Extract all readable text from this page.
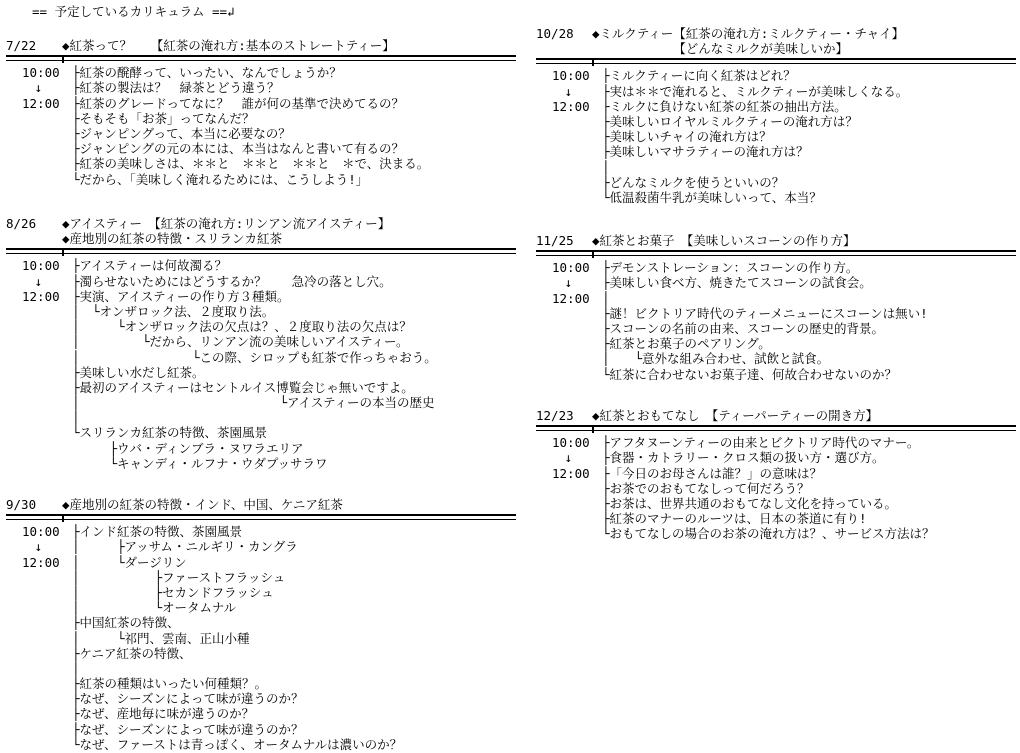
== 予定しているカリキュラム ==↲
7/22 ◆紅茶って？　　【紅茶の淹れ方:基本のストレートティー】
10:00
　↓
12:00
├紅茶の醗酵って、いったい、なんでしょうか？
├紅茶の製法は？　緑茶とどう違う？
├紅茶のグレードってなに？　誰が何の基準で決めてるの？
├そもそも「お茶」ってなんだ？
├ジャンピングって、本当に必要なの？
├ジャンピングの元の本には、本当はなんと書いて有るの？
├紅茶の美味しさは、＊＊と　＊＊と　＊＊と　＊で、決まる。
└だから、「美味しく淹れるためには、こうしよう!」
8/26 ◆アイスティー　【紅茶の淹れ方:リンアン流アイスティー】
◆産地別の紅茶の特徴・スリランカ紅茶
10:00
　↓
12:00
├アイスティーは何故濁る？
├濁らせないためにはどうするか？　　急冷の落とし穴。
├実演、アイスティーの作り方３種類。
│　└オンザロック法、２度取り法。
│　　　└オンザロック法の欠点は？、２度取り法の欠点は？
│　　　　　└だから、リンアン流の美味しいアイスティー。
│　　　　　　　　　└この際、シロップも紅茶で作っちゃおう。
├美味しい水だし紅茶。
├最初のアイスティーはセントルイス博覧会じゃ無いですよ。
│　　　　　　　　　　　　　　　　└アイスティーの本当の歴史
│
└スリランカ紅茶の特徴、茶園風景
　　　├ウバ・ディンブラ・ヌワラエリア
　　　└キャンディ・ルフナ・ウダプッサラワ
9/30 ◆産地別の紅茶の特徴・インド、中国、ケニア紅茶
10:00
　↓
12:00
├インド紅茶の特徴、茶園風景
│　　　├アッサム・ニルギリ・カングラ
│　　　└ダージリン
│　　　　　　├ファーストフラッシュ
│　　　　　　├セカンドフラッシュ
│　　　　　　└オータムナル
├中国紅茶の特徴、
│　　　└祁門、雲南、正山小種
├ケニア紅茶の特徴、
│
├紅茶の種類はいったい何種類？。
├なぜ、シーズンによって味が違うのか？
├なぜ、産地毎に味が違うのか？
├なぜ、シーズンによって味が違うのか？
└なぜ、ファーストは青っぽく、オータムナルは濃いのか？
10/28 ◆ミルクティー【紅茶の淹れ方:ミルクティー・チャイ】
　　　　　　　【どんなミルクが美味しいか】
10:00
　↓
12:00
├ミルクティーに向く紅茶はどれ？
├実は＊＊で淹れると、ミルクティーが美味しくなる。
├ミルクに負けない紅茶の紅茶の抽出方法。
├美味しいロイヤルミルクティーの淹れ方は？
├美味しいチャイの淹れ方は？
├美味しいマサラティーの淹れ方は？
│
├どんなミルクを使うといいの？
└低温殺菌牛乳が美味しいって、本当？
11/25 ◆紅茶とお菓子　【美味しいスコーンの作り方】
10:00
　↓
12:00
├デモンストレーション：スコーンの作り方。
├美味しい食べ方、焼きたてスコーンの試食会。
│
├謎！ビクトリア時代のティーメニューにスコーンは無い!
├スコーンの名前の由来、スコーンの歴史的背景。
├紅茶とお菓子のペアリング。
│　　└意外な組み合わせ、試飲と試食。
└紅茶に合わせないお菓子達、何故合わせないのか？
12/23 ◆紅茶とおもてなし　【ティーパーティーの開き方】
10:00
　↓
12:00
├アフタヌーンティーの由来とビクトリア時代のマナー。
├食器・カトラリー・クロス類の扱い方・選び方。
├「今日のお母さんは誰？」の意味は？
├お茶でのおもてなしって何だろう？
├お茶は、世界共通のおもてなし文化を持っている。
├紅茶のマナーのルーツは、日本の茶道に有り!
└おもてなしの場合のお茶の淹れ方は？、サービス方法は？
